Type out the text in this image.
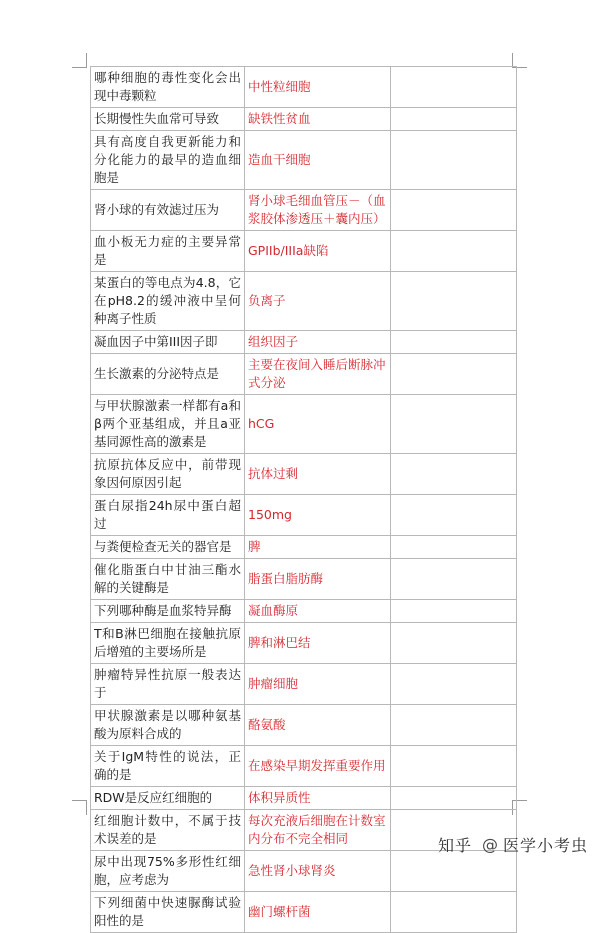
哪种细胞的毒性变化会出现中毒颗粒	中性粒细胞	
长期慢性失血常可导致	缺铁性贫血	
具有高度自我更新能力和分化能力的最早的造血细胞是	造血干细胞	
肾小球的有效滤过压为	肾小球毛细血管压－（血浆胶体渗透压＋囊内压）	
血小板无力症的主要异常是	GPIIb/IIIa缺陷	
某蛋白的等电点为4.8，它在pH8.2的缓冲液中呈何种离子性质	负离子	
凝血因子中第III因子即	组织因子	
生长激素的分泌特点是	主要在夜间入睡后断脉冲式分泌	
与甲状腺激素一样都有a和β两个亚基组成，并且a亚基同源性高的激素是	hCG	
抗原抗体反应中，前带现象因何原因引起	抗体过剩	
蛋白尿指24h尿中蛋白超过	150mg	
与粪便检查无关的器官是	脾	
催化脂蛋白中甘油三酯水解的关键酶是	脂蛋白脂肪酶	
下列哪种酶是血浆特异酶	凝血酶原	
T和B淋巴细胞在接触抗原后增殖的主要场所是	脾和淋巴结	
肿瘤特异性抗原一般表达于	肿瘤细胞	
甲状腺激素是以哪种氨基酸为原料合成的	酪氨酸	
关于IgM特性的说法，正确的是	在感染早期发挥重要作用	
RDW是反应红细胞的	体积异质性	
红细胞计数中，不属于技术误差的是	每次充液后细胞在计数室内分布不完全相同	
尿中出现75%多形性红细胞，应考虑为	急性肾小球肾炎	
下列细菌中快速脲酶试验阳性的是	幽门螺杆菌	
知乎 @ 医学小考虫
